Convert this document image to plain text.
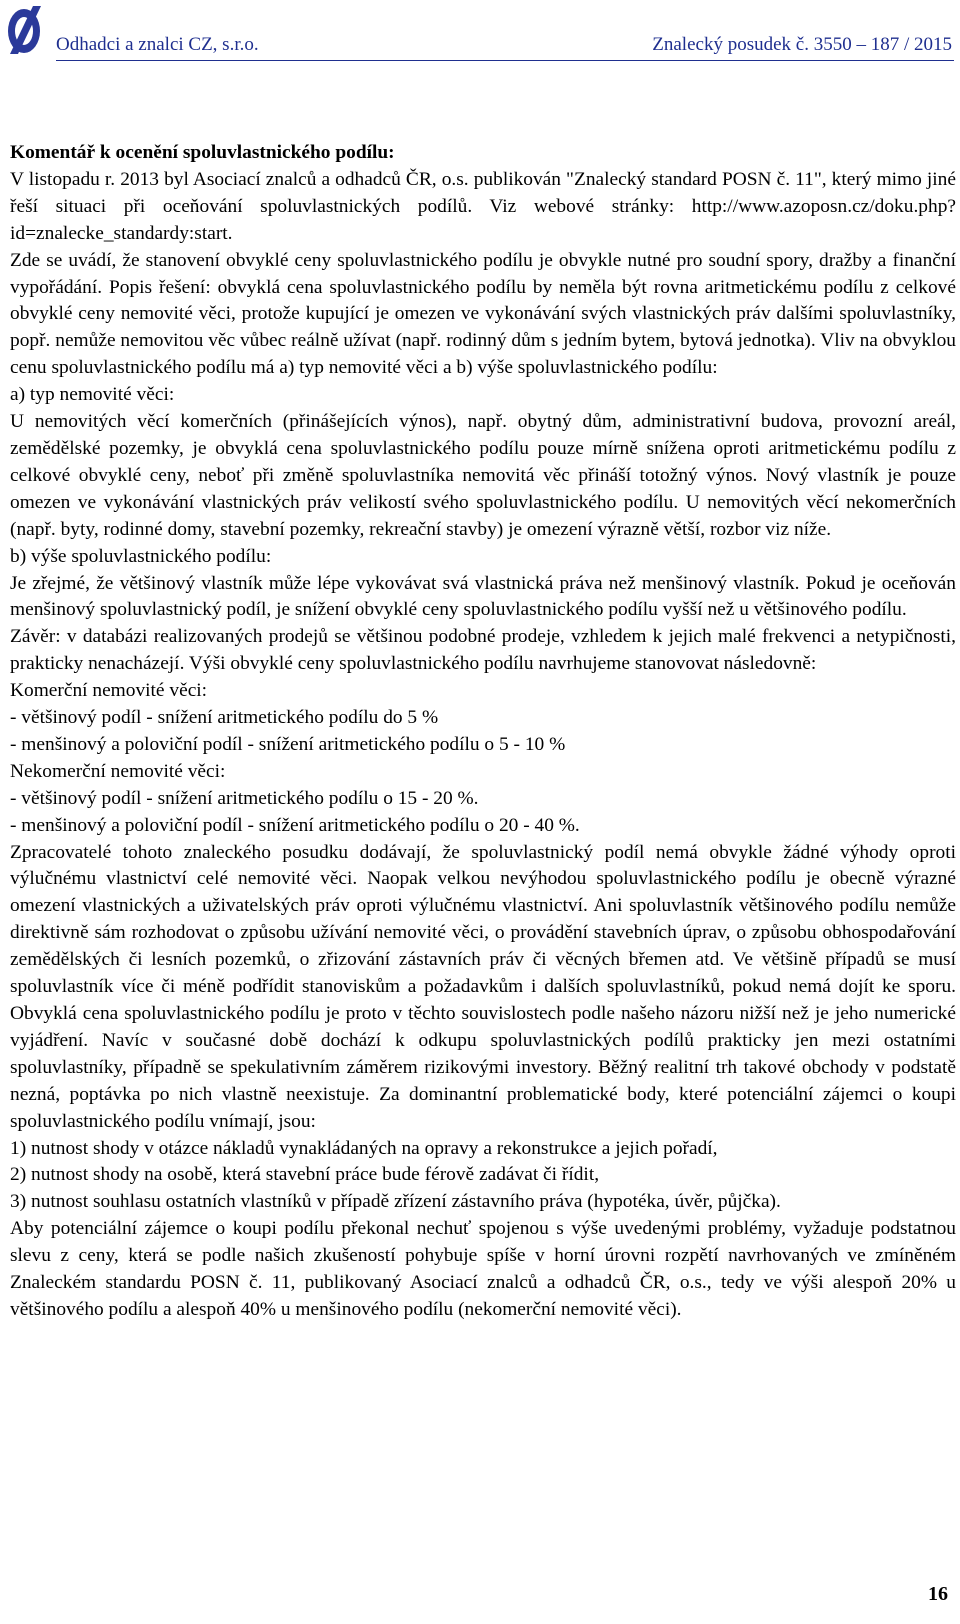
Odhadci a znalci CZ, s.r.o.	Znalecký posudek č. 3550 – 187 / 2015

Komentář k ocenění spoluvlastnického podílu:

V listopadu r. 2013 byl Asociací znalců a odhadců ČR, o.s. publikován "Znalecký standard POSN č. 11", který mimo jiné řeší situaci při oceňování spoluvlastnických podílů. Viz webové stránky: http://www.azoposn.cz/doku.php?id=znalecke_standardy:start.

Zde se uvádí, že stanovení obvyklé ceny spoluvlastnického podílu je obvykle nutné pro soudní spory, dražby a finanční vypořádání. Popis řešení: obvyklá cena spoluvlastnického podílu by neměla být rovna aritmetickému podílu z celkové obvyklé ceny nemovité věci, protože kupující je omezen ve vykonávání svých vlastnických práv dalšími spoluvlastníky, popř. nemůže nemovitou věc vůbec reálně užívat (např. rodinný dům s jedním bytem, bytová jednotka). Vliv na obvyklou cenu spoluvlastnického podílu má a) typ nemovité věci a b) výše spoluvlastnického podílu:

a) typ nemovité věci:

U nemovitých věcí komerčních (přinášejících výnos), např. obytný dům, administrativní budova, provozní areál, zemědělské pozemky, je obvyklá cena spoluvlastnického podílu pouze mírně snížena oproti aritmetickému podílu z celkové obvyklé ceny, neboť při změně spoluvlastníka nemovitá věc přináší totožný výnos. Nový vlastník je pouze omezen ve vykonávání vlastnických práv velikostí svého spoluvlastnického podílu. U nemovitých věcí nekomerčních (např. byty, rodinné domy, stavební pozemky, rekreační stavby) je omezení výrazně větší, rozbor viz níže.

b) výše spoluvlastnického podílu:

Je zřejmé, že většinový vlastník může lépe vykovávat svá vlastnická práva než menšinový vlastník. Pokud je oceňován menšinový spoluvlastnický podíl, je snížení obvyklé ceny spoluvlastnického podílu vyšší než u většinového podílu.

Závěr: v databázi realizovaných prodejů se většinou podobné prodeje, vzhledem k jejich malé frekvenci a netypičnosti, prakticky nenacházejí. Výši obvyklé ceny spoluvlastnického podílu navrhujeme stanovovat následovně:

Komerční nemovité věci:

- většinový podíl - snížení aritmetického podílu do 5 %

- menšinový a poloviční podíl - snížení aritmetického podílu o 5 - 10 %

Nekomerční nemovité věci:

- většinový podíl - snížení aritmetického podílu o 15 - 20 %.

- menšinový a poloviční podíl - snížení aritmetického podílu o 20 - 40 %.

Zpracovatelé tohoto znaleckého posudku dodávají, že spoluvlastnický podíl nemá obvykle žádné výhody oproti výlučnému vlastnictví celé nemovité věci. Naopak velkou nevýhodou spoluvlastnického podílu je obecně výrazné omezení vlastnických a uživatelských práv oproti výlučnému vlastnictví. Ani spoluvlastník většinového podílu nemůže direktivně sám rozhodovat o způsobu užívání nemovité věci, o provádění stavebních úprav, o způsobu obhospodařování zemědělských či lesních pozemků, o zřizování zástavních práv či věcných břemen atd. Ve většině případů se musí spoluvlastník více či méně podřídit stanoviskům a požadavkům i dalších spoluvlastníků, pokud nemá dojít ke sporu. Obvyklá cena spoluvlastnického podílu je proto v těchto souvislostech podle našeho názoru nižší než je jeho numerické vyjádření. Navíc v současné době dochází k odkupu spoluvlastnických podílů prakticky jen mezi ostatními spoluvlastníky, případně se spekulativním záměrem rizikovými investory. Běžný realitní trh takové obchody v podstatě nezná, poptávka po nich vlastně neexistuje. Za dominantní problematické body, které potenciální zájemci o koupi spoluvlastnického podílu vnímají, jsou:

1) nutnost shody v otázce nákladů vynakládaných na opravy a rekonstrukce a jejich pořadí,

2) nutnost shody na osobě, která stavební práce bude férově zadávat či řídit,

3) nutnost souhlasu ostatních vlastníků v případě zřízení zástavního práva (hypotéka, úvěr, půjčka).

Aby potenciální zájemce o koupi podílu překonal nechuť spojenou s výše uvedenými problémy, vyžaduje podstatnou slevu z ceny, která se podle našich zkušeností pohybuje spíše v horní úrovni rozpětí navrhovaných ve zmíněném Znaleckém standardu POSN č. 11, publikovaný Asociací znalců a odhadců ČR, o.s., tedy ve výši alespoň 20% u většinového podílu a alespoň 40% u menšinového podílu (nekomerční nemovité věci).

16
